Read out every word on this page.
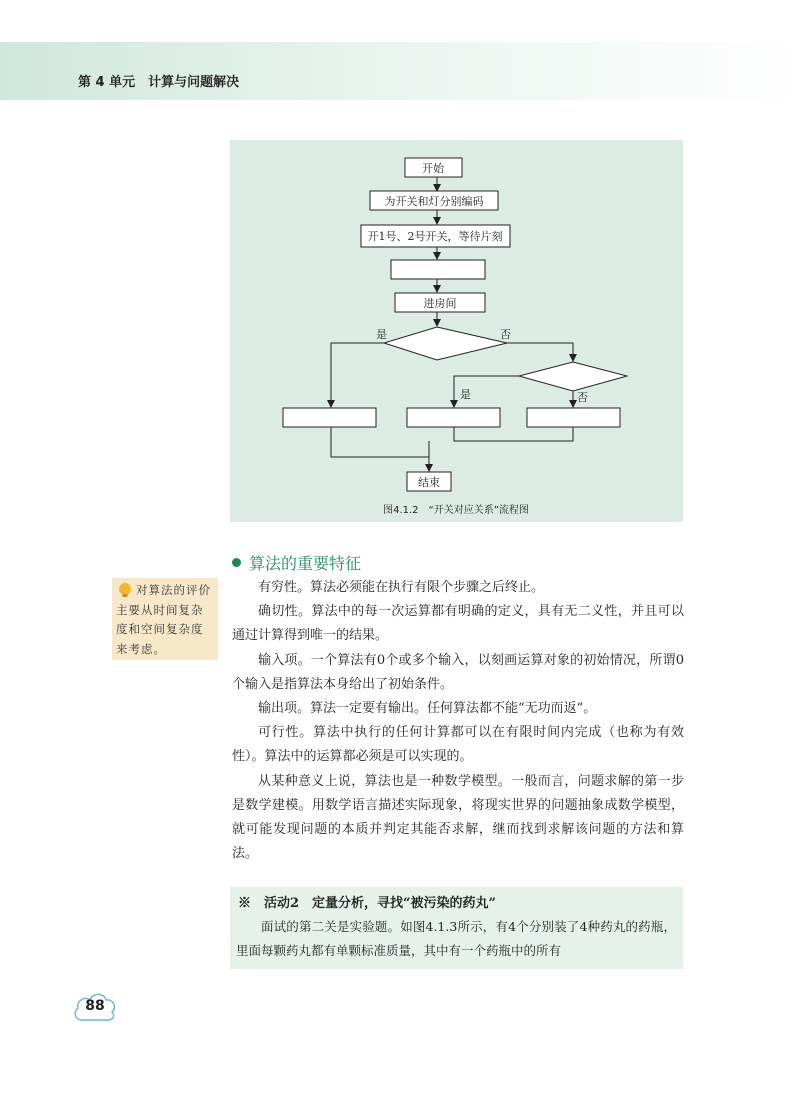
第 4 单元　计算与问题解决
开始
为开关和灯分别编码
开1号、2号开关，等待片刻
进房间
是	否
是	否
结束
图4.1.2　“开关对应关系”流程图
算法的重要特征
对算法的评价主要从时间复杂度和空间复杂度来考虑。

有穷性。算法必须能在执行有限个步骤之后终止。

确切性。算法中的每一次运算都有明确的定义，具有无二义性，并且可以通过计算得到唯一的结果。

输入项。一个算法有0个或多个输入，以刻画运算对象的初始情况，所谓0个输入是指算法本身给出了初始条件。

输出项。算法一定要有输出。任何算法都不能“无功而返”。

可行性。算法中执行的任何计算都可以在有限时间内完成（也称为有效性）。算法中的运算都必须是可以实现的。

从某种意义上说，算法也是一种数学模型。一般而言，问题求解的第一步是数学建模。用数学语言描述实际现象，将现实世界的问题抽象成数学模型，就可能发现问题的本质并判定其能否求解，继而找到求解该问题的方法和算法。

※　活动2　定量分析，寻找“被污染的药丸”

面试的第二关是实验题。如图4.1.3所示，有4个分别装了4种药丸的药瓶，里面每颗药丸都有单颗标准质量，其中有一个药瓶中的所有

88
